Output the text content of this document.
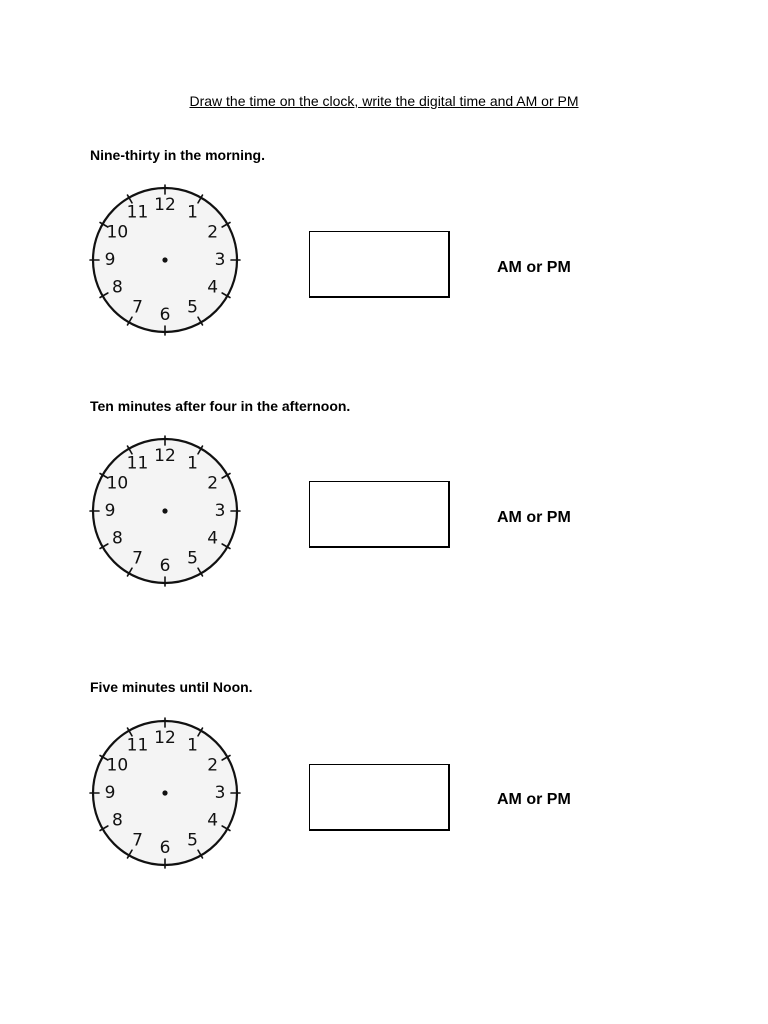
Draw the time on the clock, write the digital time and AM or PM
Nine-thirty in the morning.
12 1
2
3
4
5
6
7
8
9
10
11
AM or PM
Ten minutes after four in the afternoon.
12 1
2
3
4
5
6
7
8
9
10
11
AM or PM
Five minutes until Noon.
12 1
2
3
4
5
6
7
8
9
10
11
AM or PM
